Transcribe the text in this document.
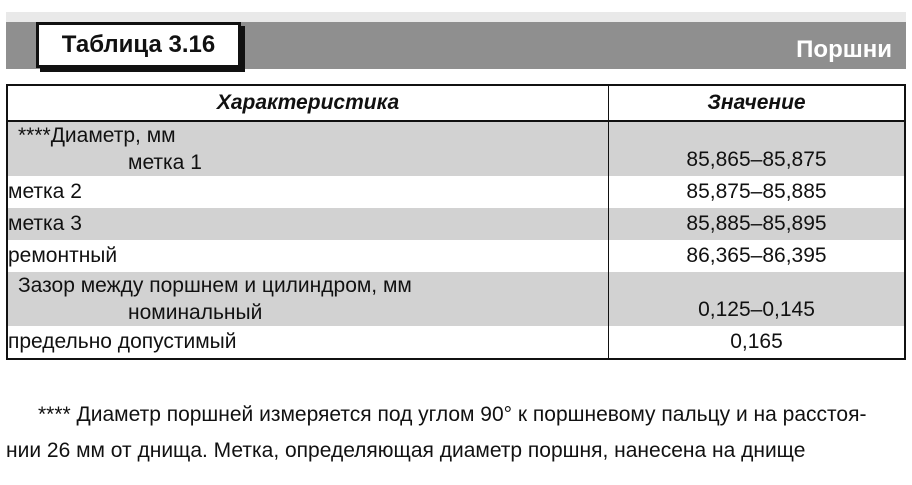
Таблица 3.16	Поршни
Характеристика	Значение

****Диаметр, мм
метка 1	85,865–85,875
метка 2	85,875–85,885
метка 3	85,885–85,895
ремонтный	86,365–86,395

Зазор между поршнем и цилиндром, мм
номинальный	0,125–0,145
предельно допустимый	0,165

**** Диаметр поршней измеряется под углом 90° к поршневому пальцу и на расстоя-

нии 26 мм от днища. Метка, определяющая диаметр поршня, нанесена на днище
